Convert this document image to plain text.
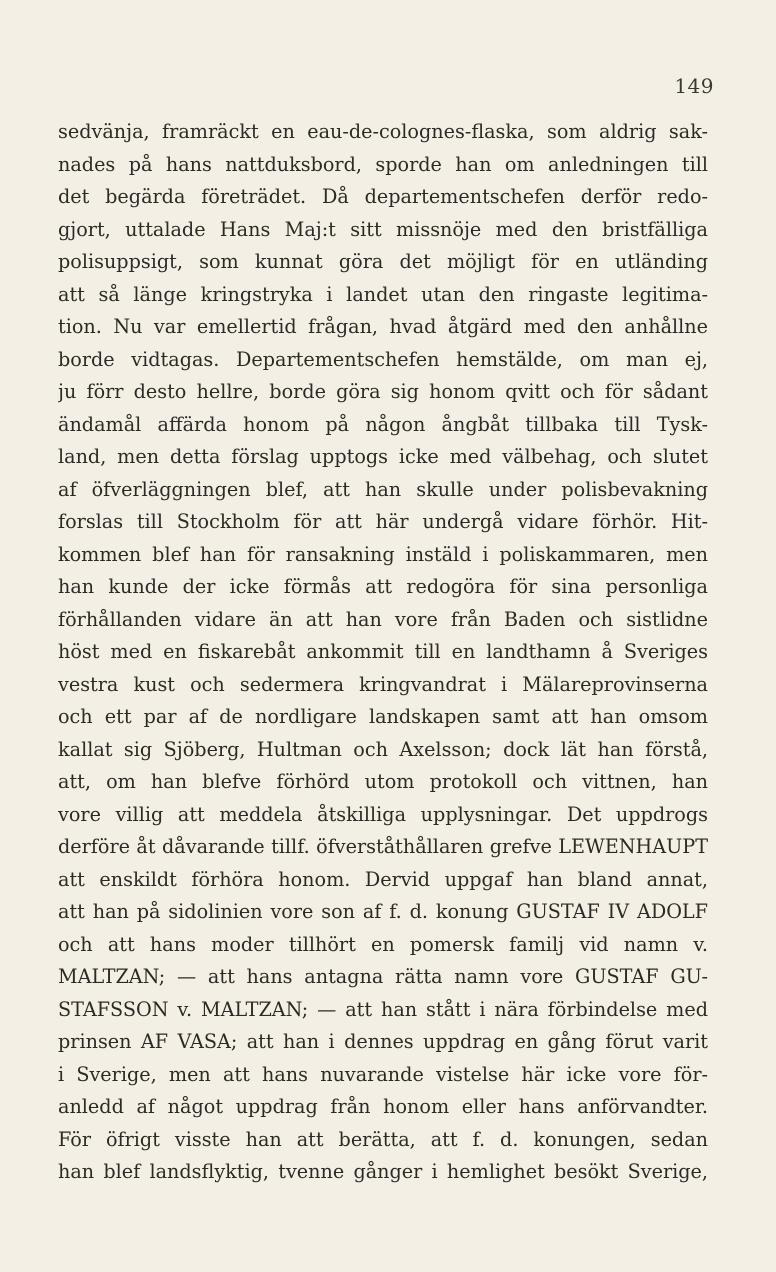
149
sedvänja, framräckt en eau-de-colognes-flaska, som aldrig sak-
nades på hans nattduksbord, sporde han om anledningen till
det begärda företrädet. Då departementschefen derför redo-
gjort, uttalade Hans Maj:t sitt missnöje med den bristfälliga
polisuppsigt, som kunnat göra det möjligt för en utländing
att så länge kringstryka i landet utan den ringaste legitima-
tion. Nu var emellertid frågan, hvad åtgärd med den anhållne
borde vidtagas. Departementschefen hemstälde, om man ej,
ju förr desto hellre, borde göra sig honom qvitt och för sådant
ändamål affärda honom på någon ångbåt tillbaka till Tysk-
land, men detta förslag upptogs icke med välbehag, och slutet
af öfverläggningen blef, att han skulle under polisbevakning
forslas till Stockholm för att här undergå vidare förhör. Hit-
kommen blef han för ransakning instäld i poliskammaren, men
han kunde der icke förmås att redogöra för sina personliga
förhållanden vidare än att han vore från Baden och sistlidne
höst med en fiskarebåt ankommit till en landthamn å Sveriges
vestra kust och sedermera kringvandrat i Mälareprovinserna
och ett par af de nordligare landskapen samt att han omsom
kallat sig Sjöberg, Hultman och Axelsson; dock lät han förstå,
att, om han blefve förhörd utom protokoll och vittnen, han
vore villig att meddela åtskilliga upplysningar. Det uppdrogs
derföre åt dåvarande tillf. öfverståthållaren grefve LEWENHAUPT
att enskildt förhöra honom. Dervid uppgaf han bland annat,
att han på sidolinien vore son af f. d. konung GUSTAF IV ADOLF
och att hans moder tillhört en pomersk familj vid namn v.
MALTZAN; — att hans antagna rätta namn vore GUSTAF GU-
STAFSSON v. MALTZAN; — att han stått i nära förbindelse med
prinsen AF VASA; att han i dennes uppdrag en gång förut varit
i Sverige, men att hans nuvarande vistelse här icke vore för-
anledd af något uppdrag från honom eller hans anförvandter.
För öfrigt visste han att berätta, att f. d. konungen, sedan
han blef landsflyktig, tvenne gånger i hemlighet besökt Sverige,
